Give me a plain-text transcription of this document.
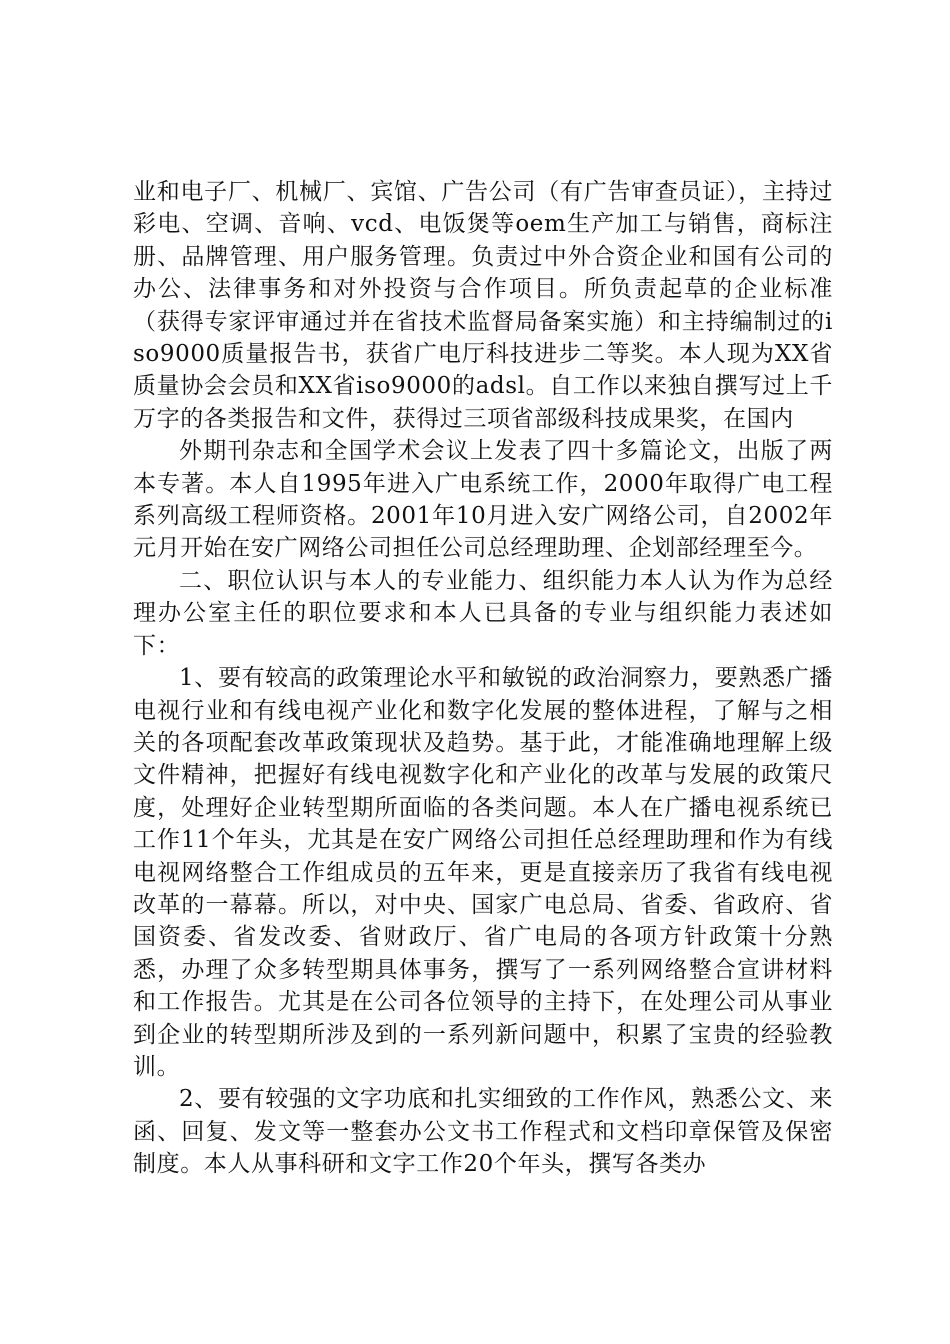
业和电子厂、机械厂、宾馆、广告公司（有广告审查员证），主持过彩电、空调、音响、vcd、电饭煲等oem生产加工与销售，商标注册、品牌管理、用户服务管理。负责过中外合资企业和国有公司的办公、法律事务和对外投资与合作项目。所负责起草的企业标准（获得专家评审通过并在省技术监督局备案实施）和主持编制过的iso9000质量报告书，获省广电厅科技进步二等奖。本人现为XX省质量协会会员和XX省iso9000的adsl。自工作以来独自撰写过上千万字的各类报告和文件，获得过三项省部级科技成果奖，在国内

外期刊杂志和全国学术会议上发表了四十多篇论文，出版了两本专著。本人自1995年进入广电系统工作，2000年取得广电工程系列高级工程师资格。2001年10月进入安广网络公司，自2002年元月开始在安广网络公司担任公司总经理助理、企划部经理至今。

二、职位认识与本人的专业能力、组织能力本人认为作为总经理办公室主任的职位要求和本人已具备的专业与组织能力表述如下：

1、要有较高的政策理论水平和敏锐的政治洞察力，要熟悉广播电视行业和有线电视产业化和数字化发展的整体进程，了解与之相关的各项配套改革政策现状及趋势。基于此，才能准确地理解上级文件精神，把握好有线电视数字化和产业化的改革与发展的政策尺度，处理好企业转型期所面临的各类问题。本人在广播电视系统已工作11个年头，尤其是在安广网络公司担任总经理助理和作为有线电视网络整合工作组成员的五年来，更是直接亲历了我省有线电视改革的一幕幕。所以，对中央、国家广电总局、省委、省政府、省国资委、省发改委、省财政厅、省广电局的各项方针政策十分熟悉，办理了众多转型期具体事务，撰写了一系列网络整合宣讲材料和工作报告。尤其是在公司各位领导的主持下，在处理公司从事业到企业的转型期所涉及到的一系列新问题中，积累了宝贵的经验教训。

2、要有较强的文字功底和扎实细致的工作作风，熟悉公文、来函、回复、发文等一整套办公文书工作程式和文档印章保管及保密制度。本人从事科研和文字工作20个年头，撰写各类办
